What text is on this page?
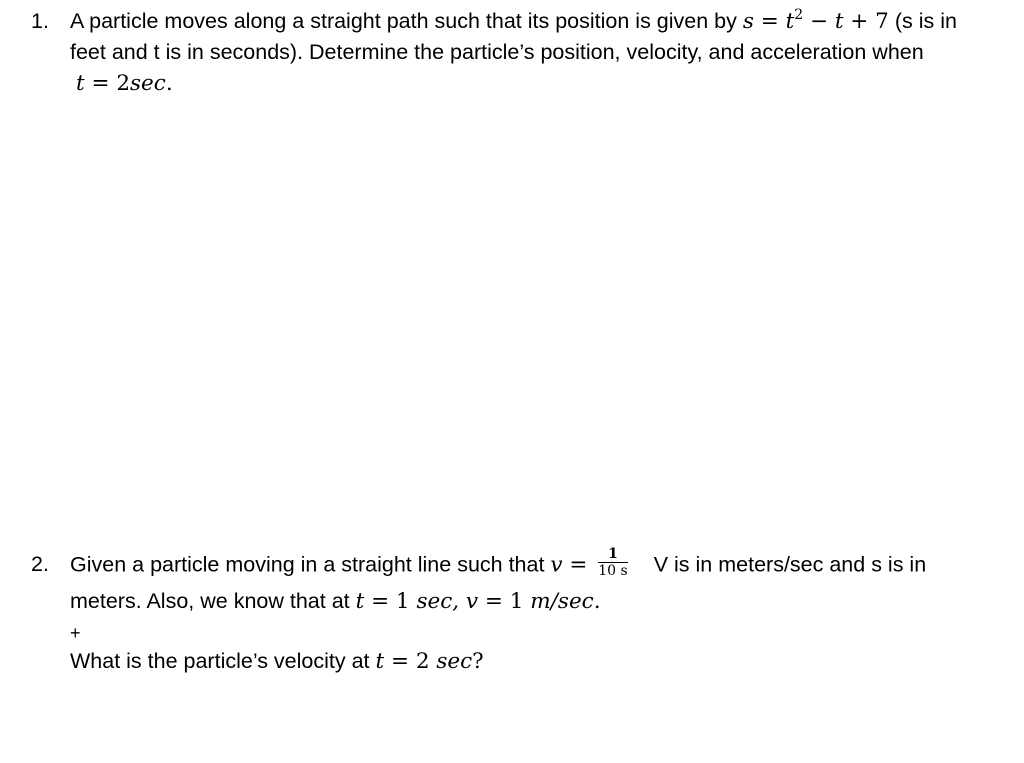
1. A particle moves along a straight path such that its position is given by $s = t^2 - t + 7$ (s is in
feet and t is in seconds). Determine the particle’s position, velocity, and acceleration when
t = 2sec.
2. Given a particle moving in a straight line such that $v = \frac{1}{10 s}$ V is in meters/sec and s is in
meters. Also, we know that at t = 1 sec, v = 1 m/sec.
+
What is the particle’s velocity at t = 2 sec?
